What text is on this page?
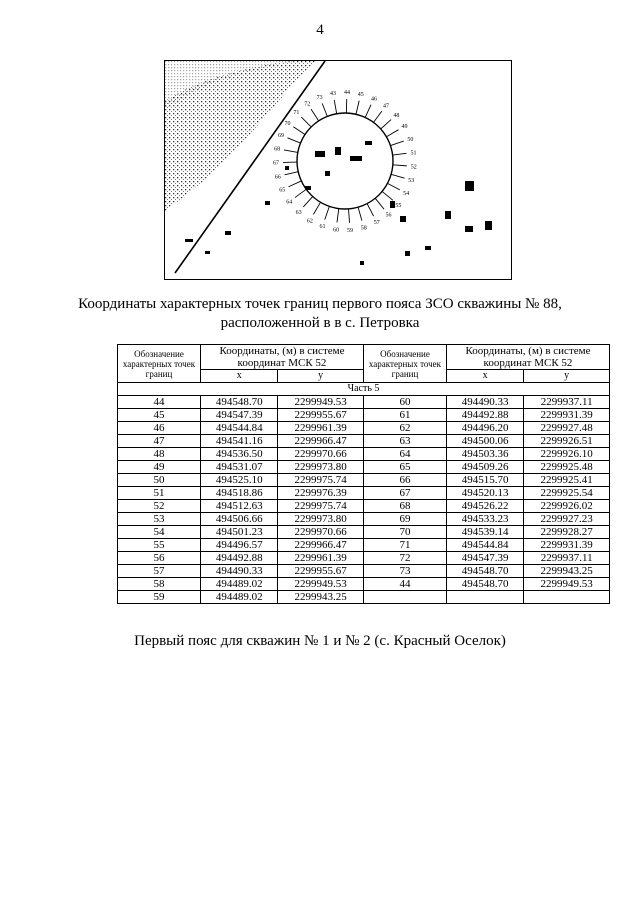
4
43 44 45
46
47
48
49
50
51
52
53
54
55
56
57
58
59
60
61
62
63
64
65
66
67
68
69
70
71
72
73
Координаты характерных точек границ первого пояса ЗСО скважины № 88,
расположенной в в с. Петровка
Обозначение характерных точек границ	Координаты, (м) в системе координат МСК 52		Обозначение характерных точек границ	Координаты, (м) в системе координат МСК 52	
	x	y		x	y
Часть 5					
44	494548.70	2299949.53	60	494490.33	2299937.11
45	494547.39	2299955.67	61	494492.88	2299931.39
46	494544.84	2299961.39	62	494496.20	2299927.48
47	494541.16	2299966.47	63	494500.06	2299926.51
48	494536.50	2299970.66	64	494503.36	2299926.10
49	494531.07	2299973.80	65	494509.26	2299925.48
50	494525.10	2299975.74	66	494515.70	2299925.41
51	494518.86	2299976.39	67	494520.13	2299925.54
52	494512.63	2299975.74	68	494526.22	2299926.02
53	494506.66	2299973.80	69	494533.23	2299927.23
54	494501.23	2299970.66	70	494539.14	2299928.27
55	494496.57	2299966.47	71	494544.84	2299931.39
56	494492.88	2299961.39	72	494547.39	2299937.11
57	494490.33	2299955.67	73	494548.70	2299943.25
58	494489.02	2299949.53	44	494548.70	2299949.53
59	494489.02	2299943.25			
Первый пояс для скважин № 1 и № 2 (с. Красный Оселок)
